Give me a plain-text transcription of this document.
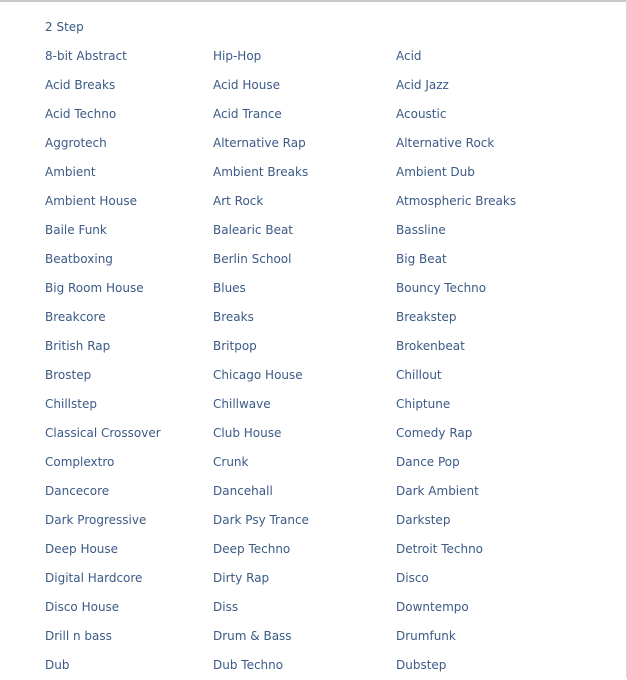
2 Step
8-bit Abstract	Hip-Hop	Acid
Acid Breaks	Acid House	Acid Jazz
Acid Techno	Acid Trance	Acoustic
Aggrotech	Alternative Rap	Alternative Rock
Ambient	Ambient Breaks	Ambient Dub
Ambient House	Art Rock	Atmospheric Breaks
Baile Funk	Balearic Beat	Bassline
Beatboxing	Berlin School	Big Beat
Big Room House	Blues	Bouncy Techno
Breakcore	Breaks	Breakstep
British Rap	Britpop	Brokenbeat
Brostep	Chicago House	Chillout
Chillstep	Chillwave	Chiptune
Classical Crossover	Club House	Comedy Rap
Complextro	Crunk	Dance Pop
Dancecore	Dancehall	Dark Ambient
Dark Progressive	Dark Psy Trance	Darkstep
Deep House	Deep Techno	Detroit Techno
Digital Hardcore	Dirty Rap	Disco
Disco House	Diss	Downtempo
Drill n bass	Drum & Bass	Drumfunk
Dub	Dub Techno	Dubstep
